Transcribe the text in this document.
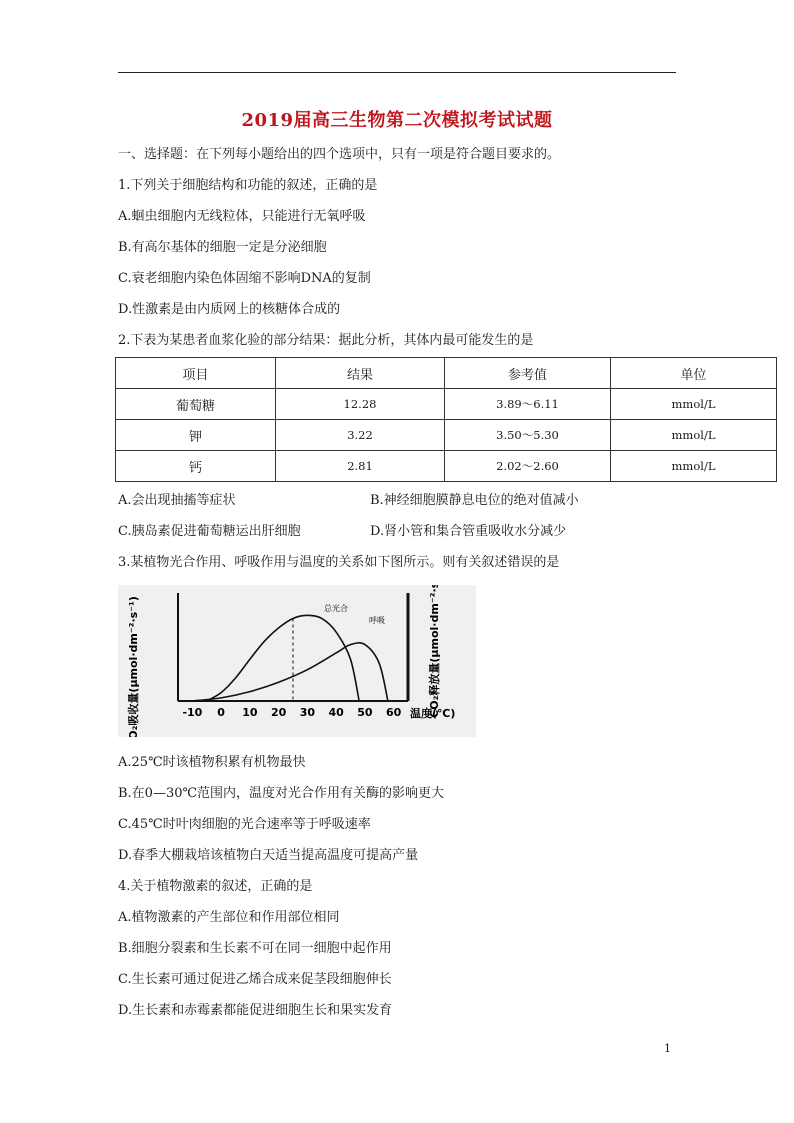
2019届高三生物第二次模拟考试试题
一、选择题：在下列每小题给出的四个选项中，只有一项是符合题目要求的。
1.下列关于细胞结构和功能的叙述，正确的是
A.蛔虫细胞内无线粒体，只能进行无氧呼吸
B.有高尔基体的细胞一定是分泌细胞
C.衰老细胞内染色体固缩不影响DNA的复制
D.性激素是由内质网上的核糖体合成的
2.下表为某患者血浆化验的部分结果：据此分析，其体内最可能发生的是
项目	结果	参考值	单位
葡萄糖	12.28	3.89～6.11	mmol/L
钾	3.22	3.50～5.30	mmol/L
钙	2.81	2.02～2.60	mmol/L
A.会出现抽搐等症状	B.神经细胞膜静息电位的绝对值减小
C.胰岛素促进葡萄糖运出肝细胞	D.肾小管和集合管重吸收水分减少
3.某植物光合作用、呼吸作用与温度的关系如下图所示。则有关叙述错误的是
CO₂吸收量(μmol·dm⁻²·s⁻¹)	CO₂释放量(μmol·dm⁻²·s⁻¹)
温度(℃)
-10 0 10 20 30 40 50 60
总光合
呼吸
A.25℃时该植物积累有机物最快
B.在0—30℃范围内，温度对光合作用有关酶的影响更大
C.45℃时叶肉细胞的光合速率等于呼吸速率
D.春季大棚栽培该植物白天适当提高温度可提高产量
4.关于植物激素的叙述，正确的是
A.植物激素的产生部位和作用部位相同
B.细胞分裂素和生长素不可在同一细胞中起作用
C.生长素可通过促进乙烯合成来促茎段细胞伸长
D.生长素和赤霉素都能促进细胞生长和果实发育
1
